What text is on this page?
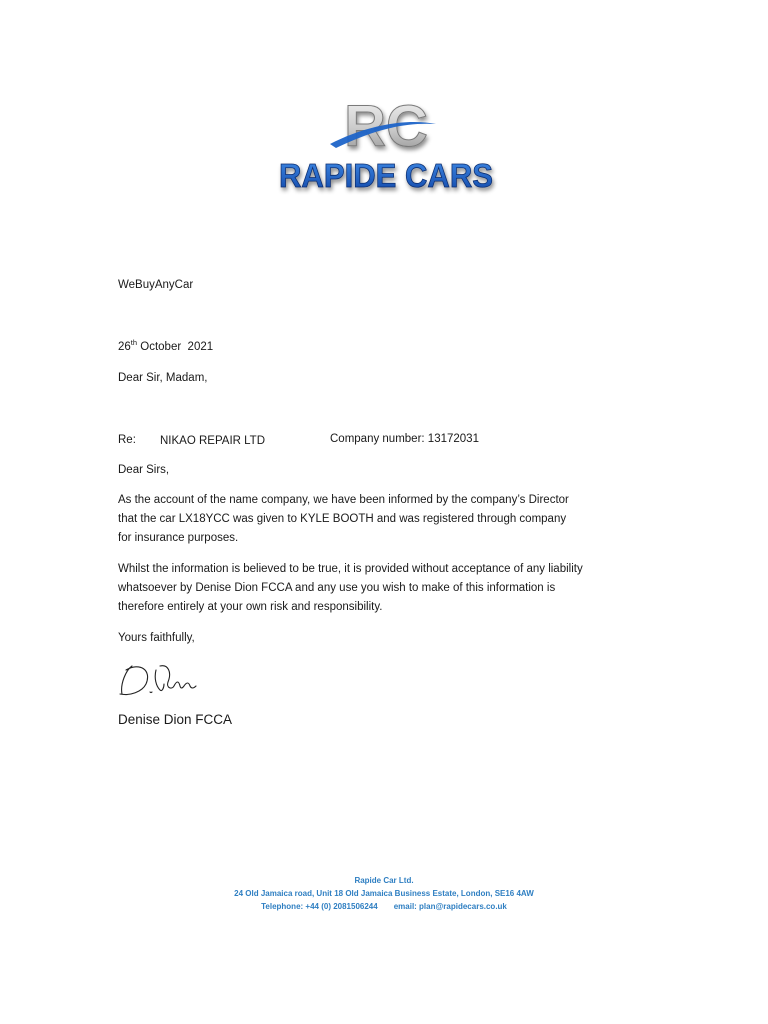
RC
RAPIDE CARS
WeBuyAnyCar
26th October  2021
Dear Sir, Madam,
Re: NIKAO REPAIR LTD	Company number: 13172031
Dear Sirs,
As the account of the name company, we have been informed by the company’s Director
that the car LX18YCC was given to KYLE BOOTH and was registered through company
for insurance purposes.
Whilst the information is believed to be true, it is provided without acceptance of any liability
whatsoever by Denise Dion FCCA and any use you wish to make of this information is
therefore entirely at your own risk and responsibility.
Yours faithfully,
Denise Dion FCCA
Rapide Car Ltd.
24 Old Jamaica road, Unit 18 Old Jamaica Business Estate, London, SE16 4AW
Telephone: +44 (0) 2081506244 email: plan@rapidecars.co.uk
